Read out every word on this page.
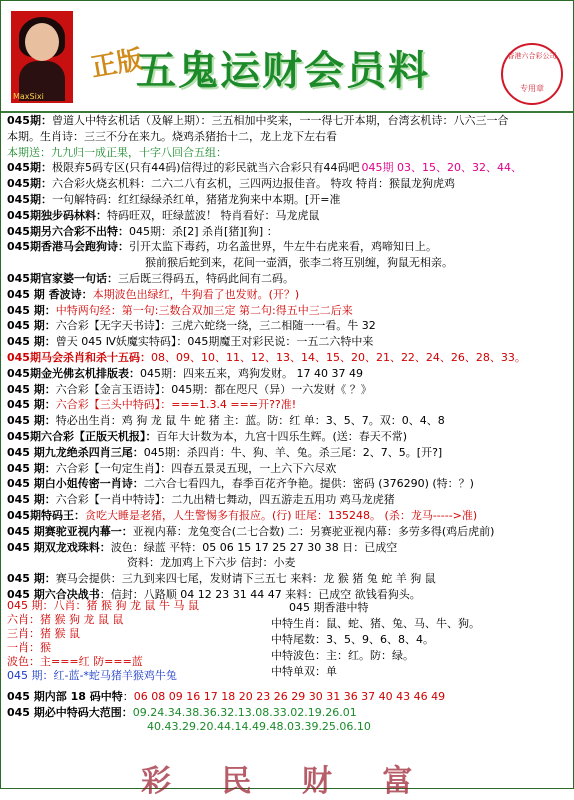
MaxSixi
正版
五鬼运财会员料	香港六合彩公司
专用章
045期：曾道人中特玄机话（及解上期）：三五相加中奖来，一一得七开本期，台湾玄机诗：八六三一合
本期。生肖诗：三三不分在来九。烧鸡杀猪抬十二，龙上龙下左右看
本期送：九九归一成正果，十字八回合五组：
045期：极限弃5码专区(只有44码)信得过的彩民就当六合彩只有44码吧 045期 03、15、20、32、44、
045期：六合彩火烧玄机料：二六二八有玄机，三四两边报佳音。 特攻 特肖：猴鼠龙狗虎鸡
045期：一句解特码：红红绿绿杀红单，猪猪龙狗来中本期。[开=准
045期独步码林料：特码旺双，旺绿蓝波！ 特肖看好：马龙虎鼠
045期另六合彩不出特：045期：杀[2] 杀肖[猪][狗] ：
045期香港马会跑狗诗：引开太监下毒药，功名盖世界，牛左牛右虎来看，鸡啼知日上。
猴前猴后蛇到来，花间一壶酒，张李二将互别缠，狗鼠无相亲。
045期官家婆一句话：三后既三得码五，特码此间有二码。
045 期 香波诗：本期波色出绿红，牛狗看了也发财。(开？)
045 期：中特两句经：第一句:三数合双加三定 第二句:得五中三二后来
045 期：六合彩【无字天书诗】：三虎六蛇绕一绕，三二相随一一看。牛 32
045 期：曾天 045 Ⅳ妖魔实特码】：045期魔王对彩民说：一五二六特中来
045期马会杀肖和杀十五码：08、09、10、11、12、13、14、15、20、21、22、24、26、28、33。
045期金光佛玄机排版表：045期：四来五来，鸡狗发财。 17 40 37 49
045 期：六合彩【金言玉语诗】：045期：都在咫尺（异）一六发财《 ？》
045 期：六合彩【三头中特码】：===1.3.4 ===开??准!
045 期：特必出生肖：鸡 狗 龙 鼠 牛 蛇 猪 主：蓝。防：红 单：3、5、7。双：0、4、8
045期六合彩【正版天机报】：百年大计数为本，九宫十四乐生辉。(送：春天不常)
045 期九龙绝杀四肖三尾：045期：杀四肖：牛、狗、羊、兔。杀三尾：2、7、5。[开?]
045 期：六合彩【一句定生肖】：四春五景灵五现，一上六下六尽欢
045 期白小姐传密一肖诗：二六合七看四九，春季百花齐争艳。提供：密码 (376290) (特：？)
045 期：六合彩【一肖中特诗】：二九出精七舞动，四五游走五用功 鸡马龙虎猪
045期特码王：贪吃大睡是老猪，人生警惕多有报应。(行) 旺尾：135248。 (杀：龙马----->准)
045 期赛驼亚视内幕一：亚视内幕：龙兔变合(二七合数) 二：另赛驼亚视内幕：多劳多得(鸡后虎前)
045 期双龙戏珠料：波色：绿蓝 平特：05 06 15 17 25 27 30 38 日：已成空
资料：龙加鸡上下六步 信封：小麦
045 期：赛马会提供：三九到来四七尾，发财请下三五七 来料：龙 猴 猪 兔 蛇 羊 狗 鼠
045 期六合决战书：信封：八路顺 04 12 23 31 44 47 来料：已成空 欲钱看狗头。
045 期：八肖：猪 猴 狗 龙 鼠 牛 马 鼠
六肖：猪 猴 狗 龙 鼠 鼠
三肖：猪 猴 鼠
一肖：猴
波色：主===红 防===蓝
045 期：红-蓝-*蛇马猪羊猴鸡牛兔
045 期香港中特
中特生肖：鼠、蛇、猪、兔、马、牛、狗。
中特尾数：3、5、9、6、8、4。
中特波色：主：红。防：绿。
中特单双：单
045 期内部 18 码中特：06 08 09 16 17 18 20 23 26 29 30 31 36 37 40 43 46 49
045 期必中特码大范围：09.24.34.38.36.32.13.08.33.02.19.26.01
40.43.29.20.44.14.49.48.03.39.25.06.10
彩 民 财 富
